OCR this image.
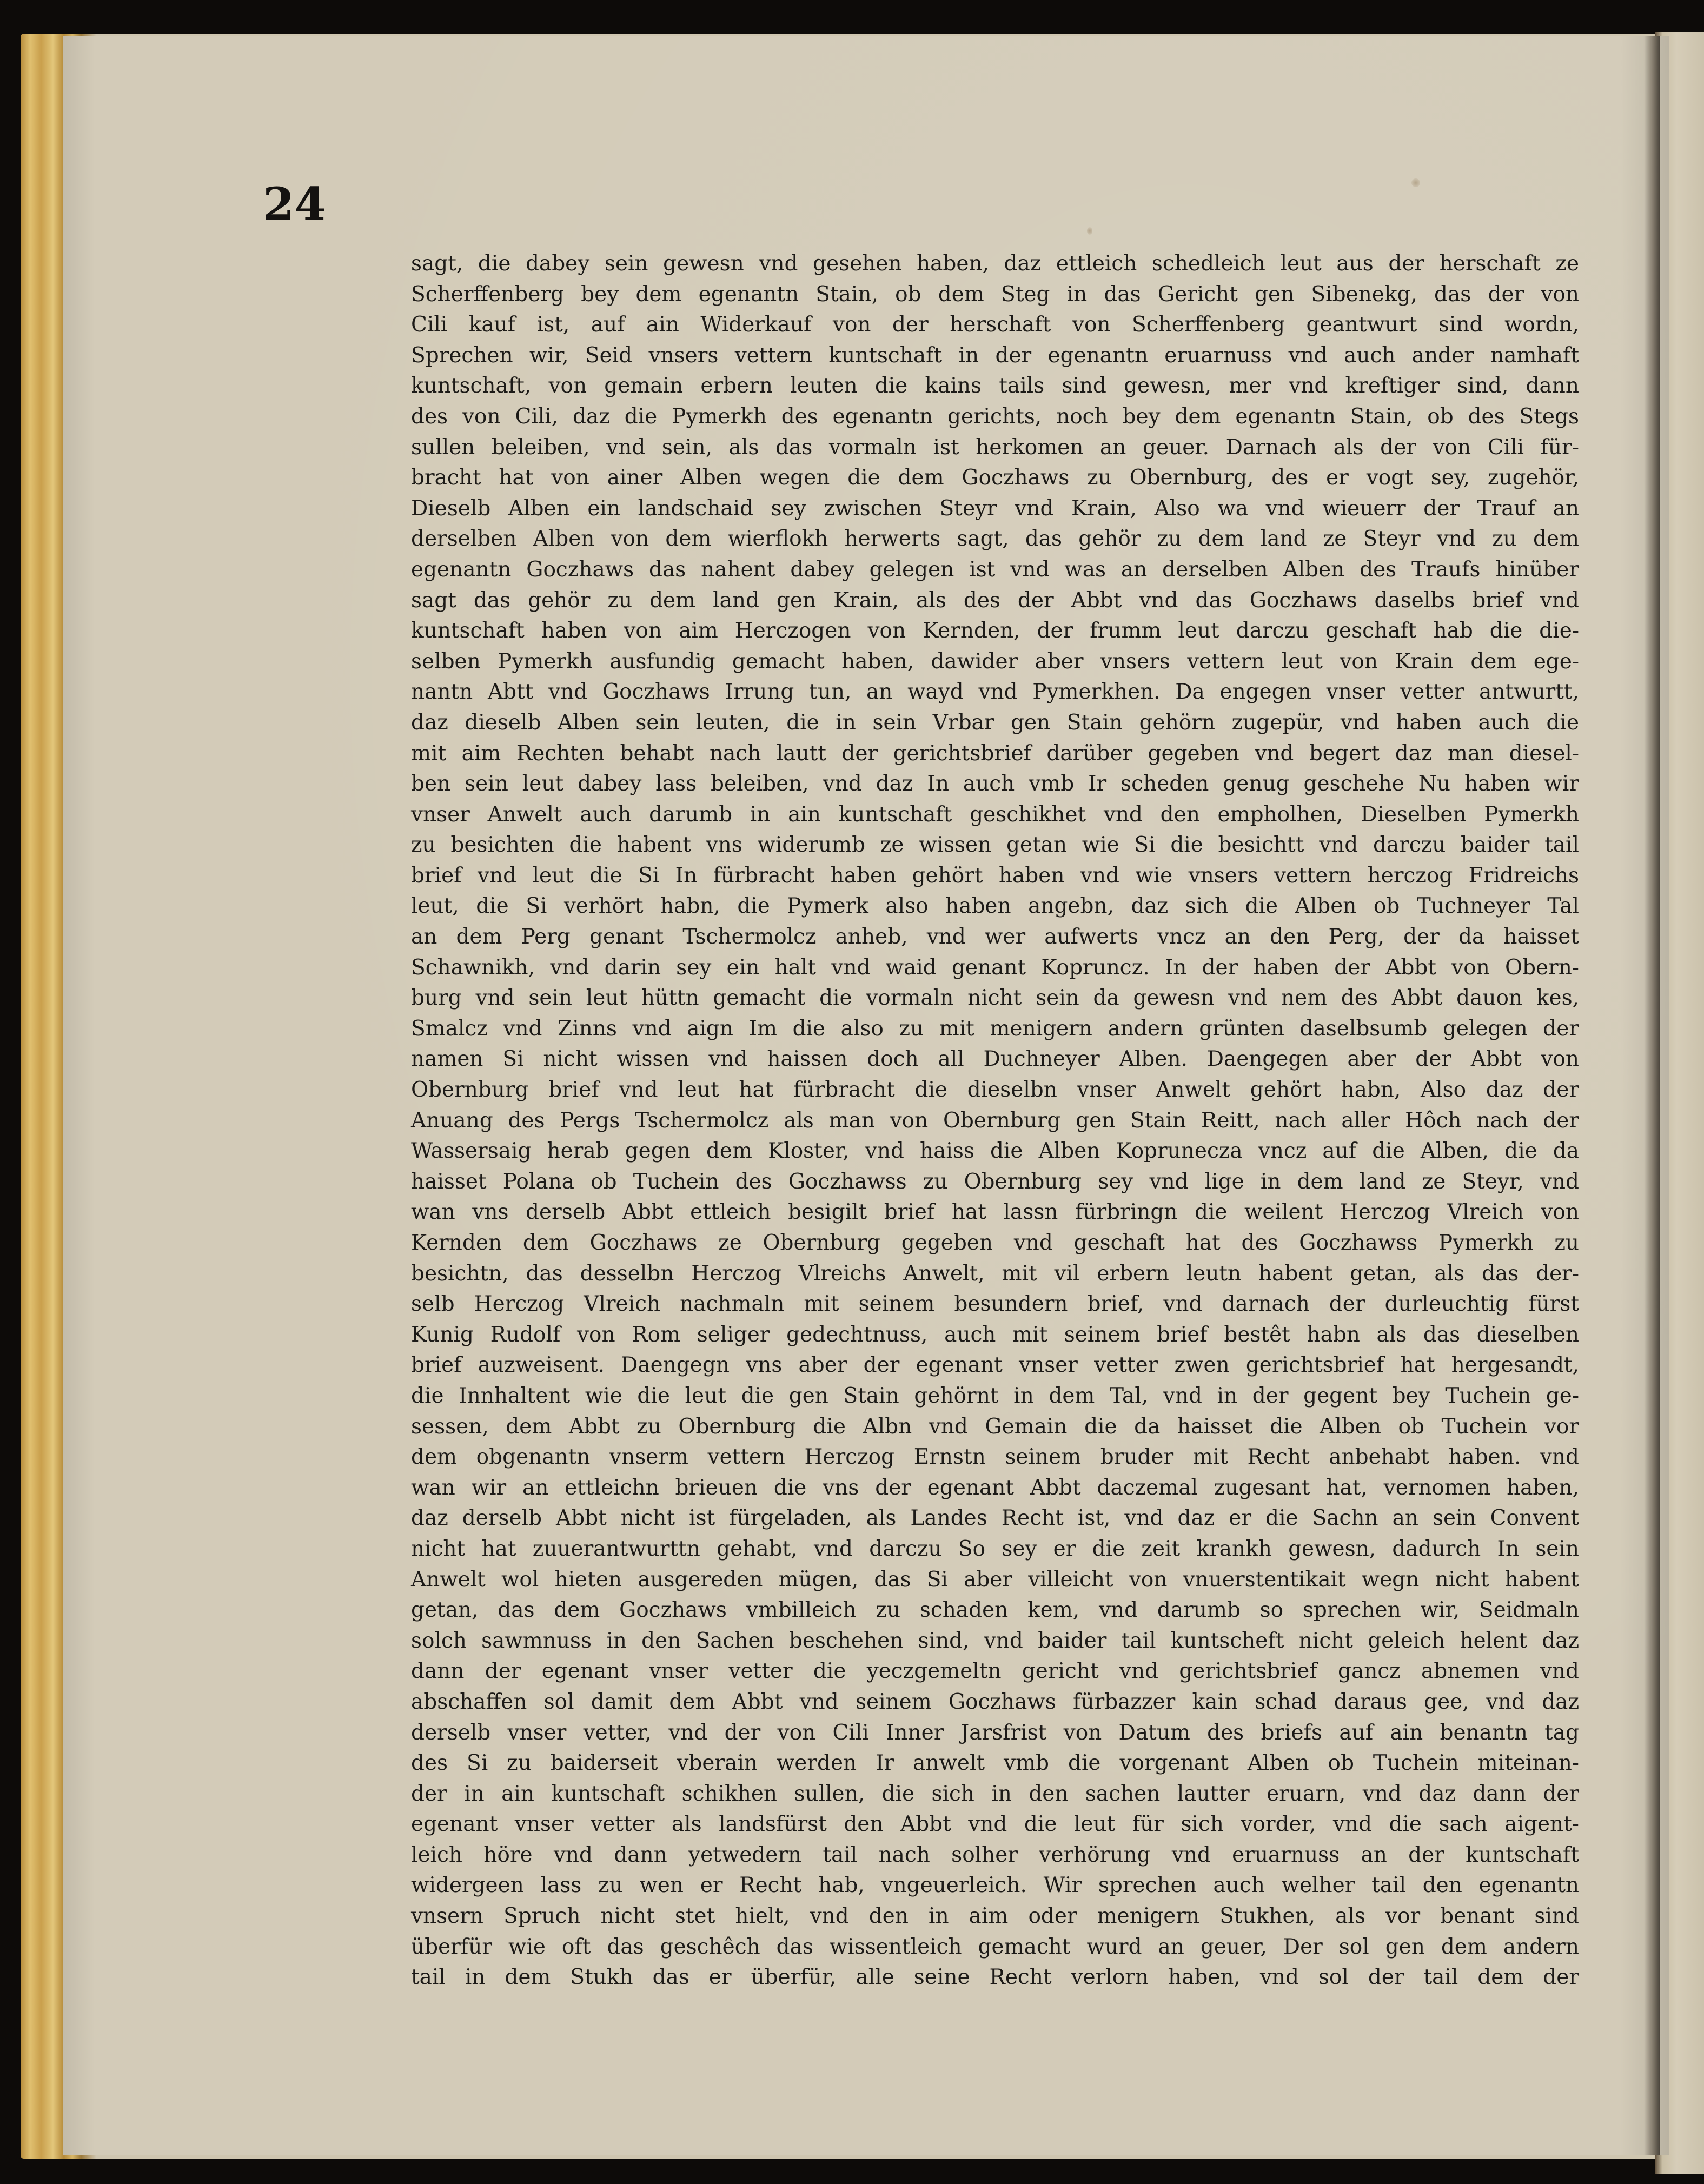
24
sagt, die dabey sein gewesn vnd gesehen haben, daz ettleich schedleich leut aus der herschaft ze
Scherffenberg bey dem egenantn Stain, ob dem Steg in das Gericht gen Sibenekg, das der von
Cili kauf ist, auf ain Widerkauf von der herschaft von Scherffenberg geantwurt sind wordn,
Sprechen wir, Seid vnsers vettern kuntschaft in der egenantn eruarnuss vnd auch ander namhaft
kuntschaft, von gemain erbern leuten die kains tails sind gewesn, mer vnd kreftiger sind, dann
des von Cili, daz die Pymerkh des egenantn gerichts, noch bey dem egenantn Stain, ob des Stegs
sullen beleiben, vnd sein, als das vormaln ist herkomen an geuer. Darnach als der von Cili für-
bracht hat von ainer Alben wegen die dem Goczhaws zu Obernburg, des er vogt sey, zugehör,
Dieselb Alben ein landschaid sey zwischen Steyr vnd Krain, Also wa vnd wieuerr der Trauf an
derselben Alben von dem wierflokh herwerts sagt, das gehör zu dem land ze Steyr vnd zu dem
egenantn Goczhaws das nahent dabey gelegen ist vnd was an derselben Alben des Traufs hinüber
sagt das gehör zu dem land gen Krain, als des der Abbt vnd das Goczhaws daselbs brief vnd
kuntschaft haben von aim Herczogen von Kernden, der frumm leut darczu geschaft hab die die-
selben Pymerkh ausfundig gemacht haben, dawider aber vnsers vettern leut von Krain dem ege-
nantn Abtt vnd Goczhaws Irrung tun, an wayd vnd Pymerkhen. Da engegen vnser vetter antwurtt,
daz dieselb Alben sein leuten, die in sein Vrbar gen Stain gehörn zugepür, vnd haben auch die
mit aim Rechten behabt nach lautt der gerichtsbrief darüber gegeben vnd begert daz man diesel-
ben sein leut dabey lass beleiben, vnd daz In auch vmb Ir scheden genug geschehe Nu haben wir
vnser Anwelt auch darumb in ain kuntschaft geschikhet vnd den empholhen, Dieselben Pymerkh
zu besichten die habent vns widerumb ze wissen getan wie Si die besichtt vnd darczu baider tail
brief vnd leut die Si In fürbracht haben gehört haben vnd wie vnsers vettern herczog Fridreichs
leut, die Si verhört habn, die Pymerk also haben angebn, daz sich die Alben ob Tuchneyer Tal
an dem Perg genant Tschermolcz anheb, vnd wer aufwerts vncz an den Perg, der da haisset
Schawnikh, vnd darin sey ein halt vnd waid genant Kopruncz. In der haben der Abbt von Obern-
burg vnd sein leut hüttn gemacht die vormaln nicht sein da gewesn vnd nem des Abbt dauon kes,
Smalcz vnd Zinns vnd aign Im die also zu mit menigern andern grünten daselbsumb gelegen der
namen Si nicht wissen vnd haissen doch all Duchneyer Alben. Daengegen aber der Abbt von
Obernburg brief vnd leut hat fürbracht die dieselbn vnser Anwelt gehört habn, Also daz der
Anuang des Pergs Tschermolcz als man von Obernburg gen Stain Reitt, nach aller Hôch nach der
Wassersaig herab gegen dem Kloster, vnd haiss die Alben Koprunecza vncz auf die Alben, die da
haisset Polana ob Tuchein des Goczhawss zu Obernburg sey vnd lige in dem land ze Steyr, vnd
wan vns derselb Abbt ettleich besigilt brief hat lassn fürbringn die weilent Herczog Vlreich von
Kernden dem Goczhaws ze Obernburg gegeben vnd geschaft hat des Goczhawss Pymerkh zu
besichtn, das desselbn Herczog Vlreichs Anwelt, mit vil erbern leutn habent getan, als das der-
selb Herczog Vlreich nachmaln mit seinem besundern brief, vnd darnach der durleuchtig fürst
Kunig Rudolf von Rom seliger gedechtnuss, auch mit seinem brief bestêt habn als das dieselben
brief auzweisent. Daengegn vns aber der egenant vnser vetter zwen gerichtsbrief hat hergesandt,
die Innhaltent wie die leut die gen Stain gehörnt in dem Tal, vnd in der gegent bey Tuchein ge-
sessen, dem Abbt zu Obernburg die Albn vnd Gemain die da haisset die Alben ob Tuchein vor
dem obgenantn vnserm vettern Herczog Ernstn seinem bruder mit Recht anbehabt haben. vnd
wan wir an ettleichn brieuen die vns der egenant Abbt daczemal zugesant hat, vernomen haben,
daz derselb Abbt nicht ist fürgeladen, als Landes Recht ist, vnd daz er die Sachn an sein Convent
nicht hat zuuerantwurttn gehabt, vnd darczu So sey er die zeit krankh gewesn, dadurch In sein
Anwelt wol hieten ausgereden mügen, das Si aber villeicht von vnuerstentikait wegn nicht habent
getan, das dem Goczhaws vmbilleich zu schaden kem, vnd darumb so sprechen wir, Seidmaln
solch sawmnuss in den Sachen beschehen sind, vnd baider tail kuntscheft nicht geleich helent daz
dann der egenant vnser vetter die yeczgemeltn gericht vnd gerichtsbrief gancz abnemen vnd
abschaffen sol damit dem Abbt vnd seinem Goczhaws fürbazzer kain schad daraus gee, vnd daz
derselb vnser vetter, vnd der von Cili Inner Jarsfrist von Datum des briefs auf ain benantn tag
des Si zu baiderseit vberain werden Ir anwelt vmb die vorgenant Alben ob Tuchein miteinan-
der in ain kuntschaft schikhen sullen, die sich in den sachen lautter eruarn, vnd daz dann der
egenant vnser vetter als landsfürst den Abbt vnd die leut für sich vorder, vnd die sach aigent-
leich höre vnd dann yetwedern tail nach solher verhörung vnd eruarnuss an der kuntschaft
widergeen lass zu wen er Recht hab, vngeuerleich. Wir sprechen auch welher tail den egenantn
vnsern Spruch nicht stet hielt, vnd den in aim oder menigern Stukhen, als vor benant sind
überfür wie oft das geschêch das wissentleich gemacht wurd an geuer, Der sol gen dem andern
tail in dem Stukh das er überfür, alle seine Recht verlorn haben, vnd sol der tail dem der
